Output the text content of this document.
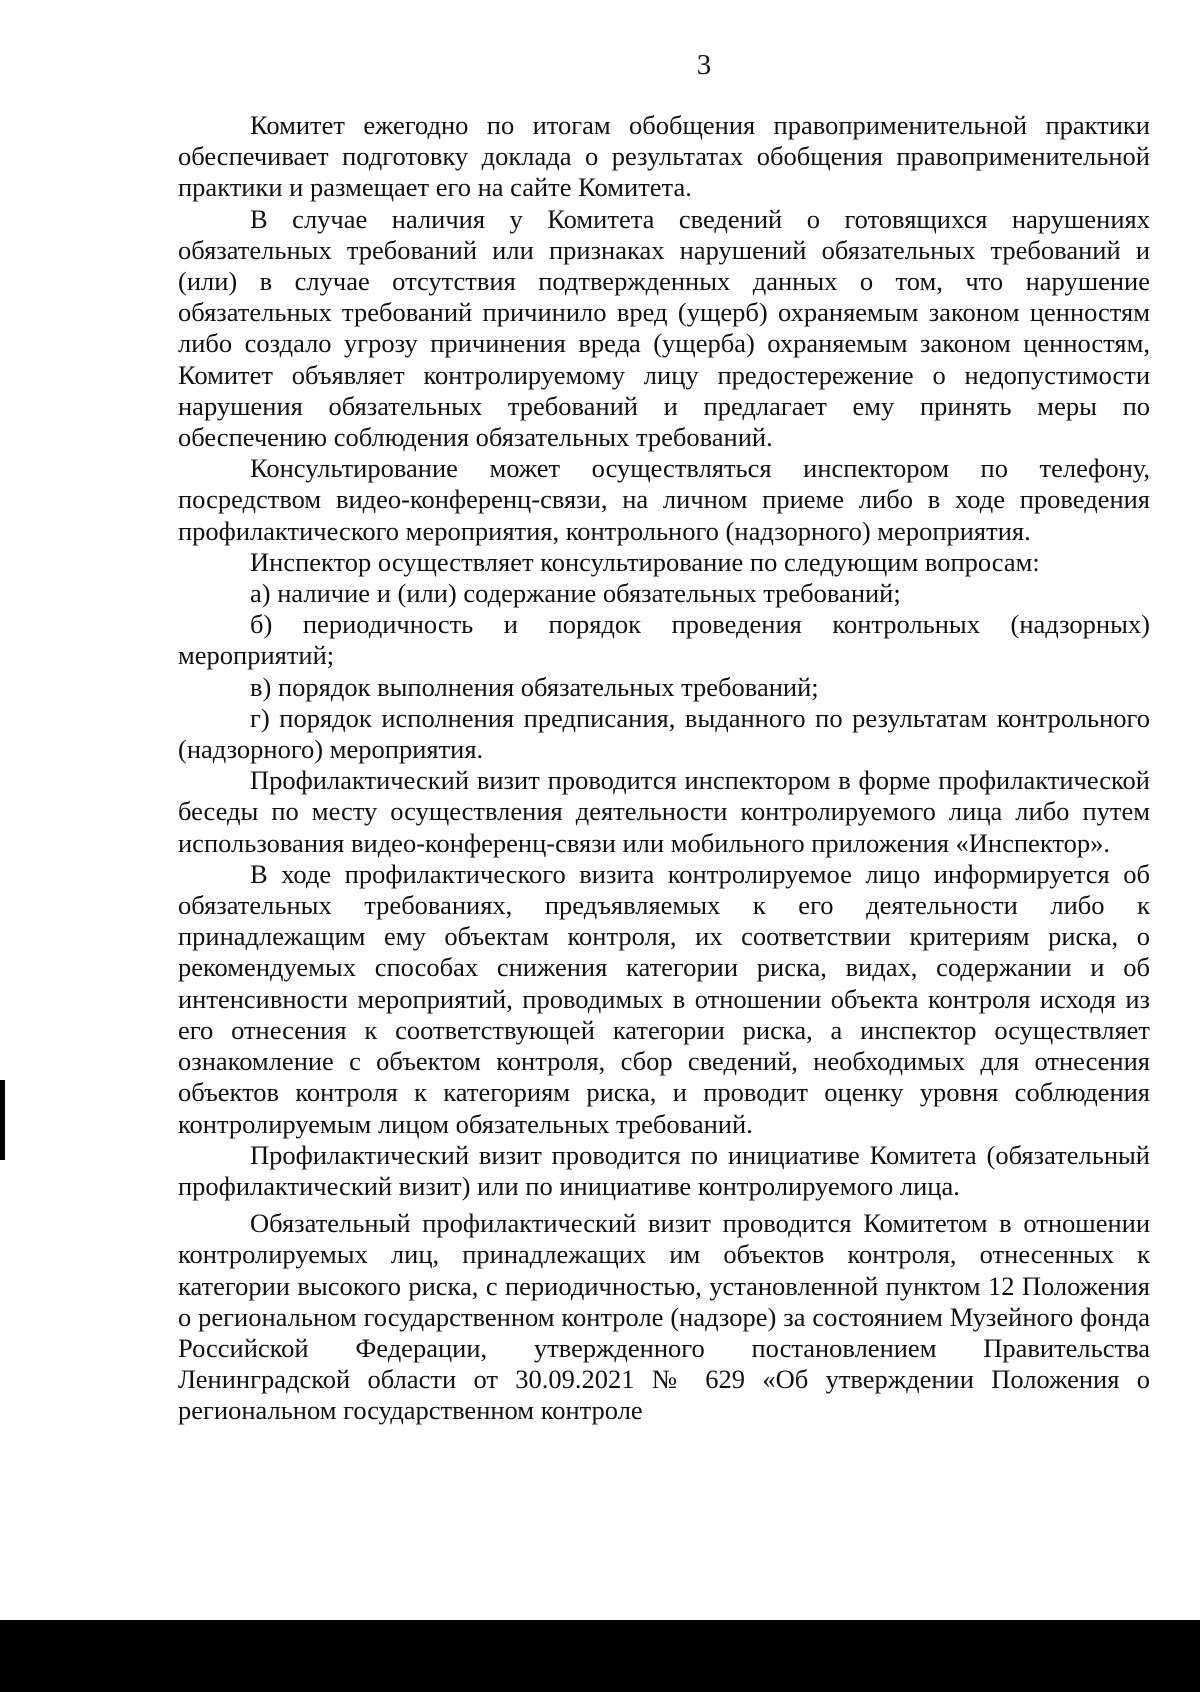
3

Комитет ежегодно по итогам обобщения правоприменительной практики обеспечивает подготовку доклада о результатах обобщения правоприменительной практики и размещает его на сайте Комитета.

В случае наличия у Комитета сведений о готовящихся нарушениях обязательных требований или признаках нарушений обязательных требований и (или) в случае отсутствия подтвержденных данных о том, что нарушение обязательных требований причинило вред (ущерб) охраняемым законом ценностям либо создало угрозу причинения вреда (ущерба) охраняемым законом ценностям, Комитет объявляет контролируемому лицу предостережение о недопустимости нарушения обязательных требований и предлагает ему принять меры по обеспечению соблюдения обязательных требований.

Консультирование может осуществляться инспектором по телефону, посредством видео-конференц-связи, на личном приеме либо в ходе проведения профилактического мероприятия, контрольного (надзорного) мероприятия.

Инспектор осуществляет консультирование по следующим вопросам:

а) наличие и (или) содержание обязательных требований;

б) периодичность и порядок проведения контрольных (надзорных) мероприятий;

в) порядок выполнения обязательных требований;

г) порядок исполнения предписания, выданного по результатам контрольного (надзорного) мероприятия.

Профилактический визит проводится инспектором в форме профилактической беседы по месту осуществления деятельности контролируемого лица либо путем использования видео-конференц-связи или мобильного приложения «Инспектор».

В ходе профилактического визита контролируемое лицо информируется об обязательных требованиях, предъявляемых к его деятельности либо к принадлежащим ему объектам контроля, их соответствии критериям риска, о рекомендуемых способах снижения категории риска, видах, содержании и об интенсивности мероприятий, проводимых в отношении объекта контроля исходя из его отнесения к соответствующей категории риска, а инспектор осуществляет ознакомление с объектом контроля, сбор сведений, необходимых для отнесения объектов контроля к категориям риска, и проводит оценку уровня соблюдения контролируемым лицом обязательных требований.

Профилактический визит проводится по инициативе Комитета (обязательный профилактический визит) или по инициативе контролируемого лица.

Обязательный профилактический визит проводится Комитетом в отношении контролируемых лиц, принадлежащих им объектов контроля, отнесенных к категории высокого риска, с периодичностью, установленной пунктом 12 Положения о региональном государственном контроле (надзоре) за состоянием Музейного фонда Российской Федерации, утвержденного постановлением Правительства Ленинградской области от 30.09.2021 № 629 «Об утверждении Положения о региональном государственном контроле
